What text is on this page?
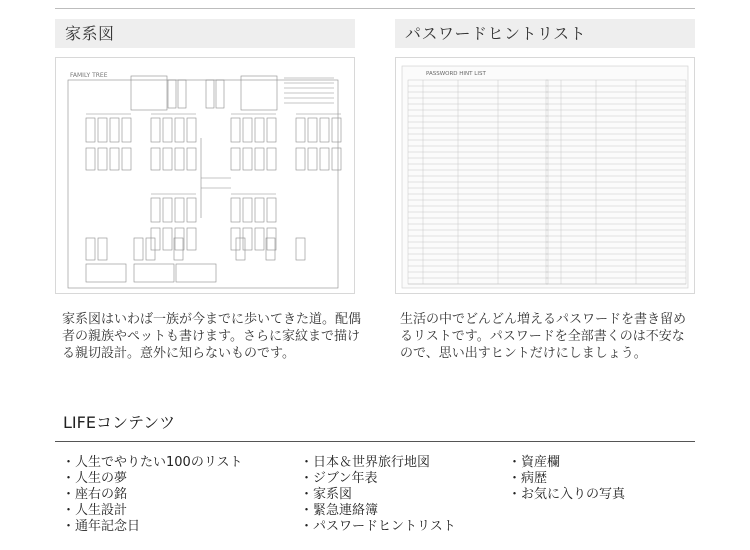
家系図	パスワードヒントリスト
FAMILY TREE	PASSWORD HINT LIST

家系図はいわば一族が今までに歩いてきた道。配偶者の親族やペットも書けます。さらに家紋まで描ける親切設計。意外に知らないものです。

生活の中でどんどん増えるパスワードを書き留めるリストです。パスワードを全部書くのは不安なので、思い出すヒントだけにしましょう。

LIFEコンテンツ
・人生でやりたい100のリスト
・人生の夢
・座右の銘
・人生設計
・通年記念日
・日本＆世界旅行地図
・ジブン年表
・家系図
・緊急連絡簿
・パスワードヒントリスト
・資産欄
・病歴
・お気に入りの写真
